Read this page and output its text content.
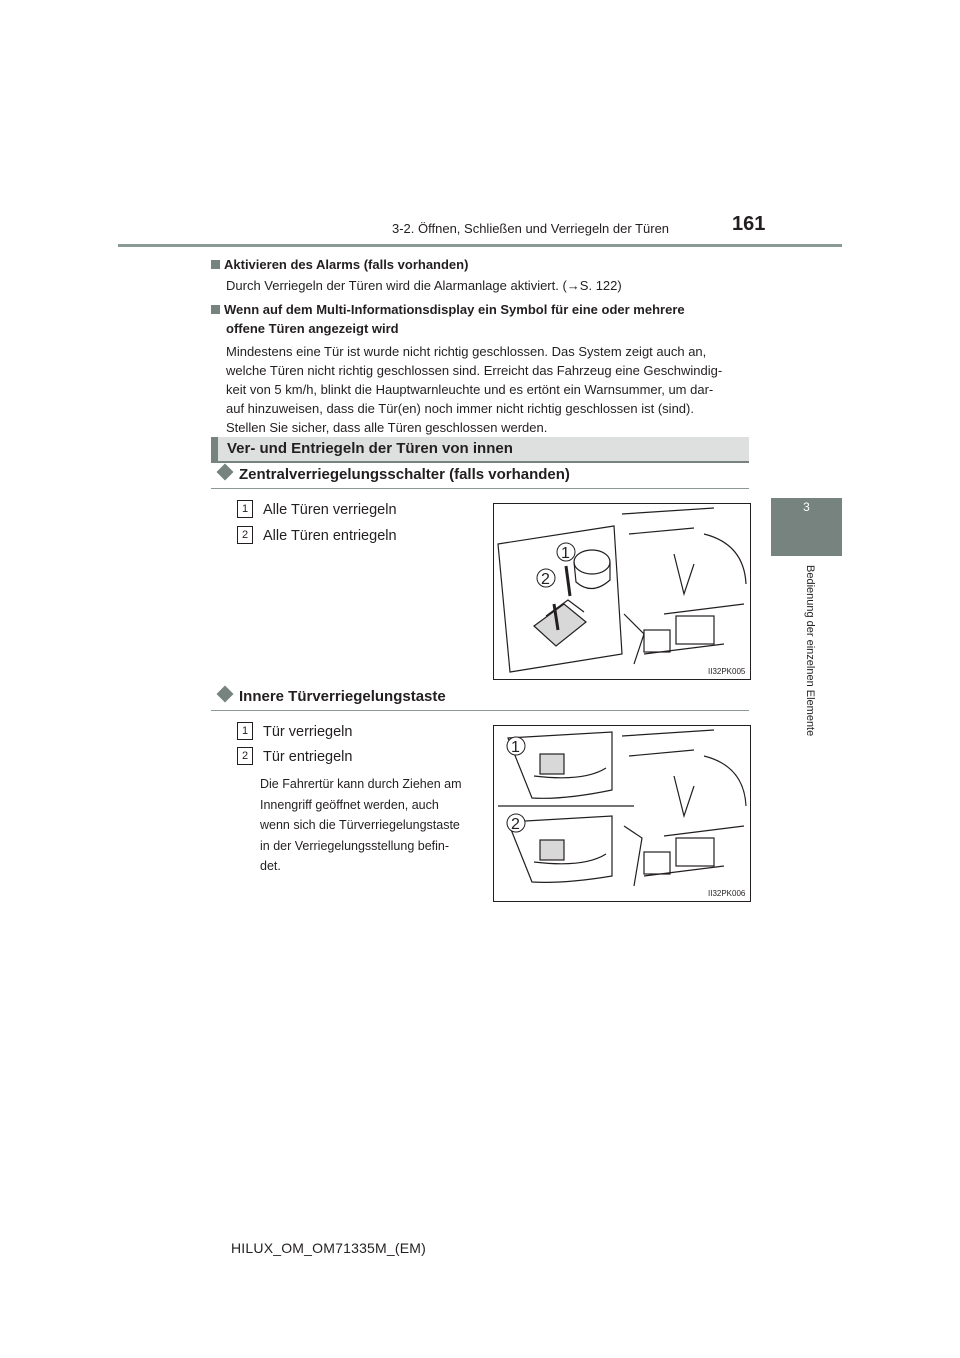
3-2. Öffnen, Schließen und Verriegeln der Türen	161
3
Bedienung der einzelnen Elemente
Aktivieren des Alarms (falls vorhanden)
Durch Verriegeln der Türen wird die Alarmanlage aktiviert. (→S. 122)
Wenn auf dem Multi-Informationsdisplay ein Symbol für eine oder mehrere
offene Türen angezeigt wird
Mindestens eine Tür ist wurde nicht richtig geschlossen. Das System zeigt auch an,
welche Türen nicht richtig geschlossen sind. Erreicht das Fahrzeug eine Geschwindig-
keit von 5 km/h, blinkt die Hauptwarnleuchte und es ertönt ein Warnsummer, um dar-
auf hinzuweisen, dass die Tür(en) noch immer nicht richtig geschlossen ist (sind).
Stellen Sie sicher, dass alle Türen geschlossen werden.
Ver- und Entriegeln der Türen von innen
Zentralverriegelungsschalter (falls vorhanden)
1 Alle Türen verriegeln
2 Alle Türen entriegeln
1
2
II32PK005
Innere Türverriegelungstaste
1 Tür verriegeln
2 Tür entriegeln
Die Fahrertür kann durch Ziehen am
Innengriff geöffnet werden, auch
wenn sich die Türverriegelungstaste
in der Verriegelungsstellung befin-
det.
1
2
II32PK006
HILUX_OM_OM71335M_(EM)
